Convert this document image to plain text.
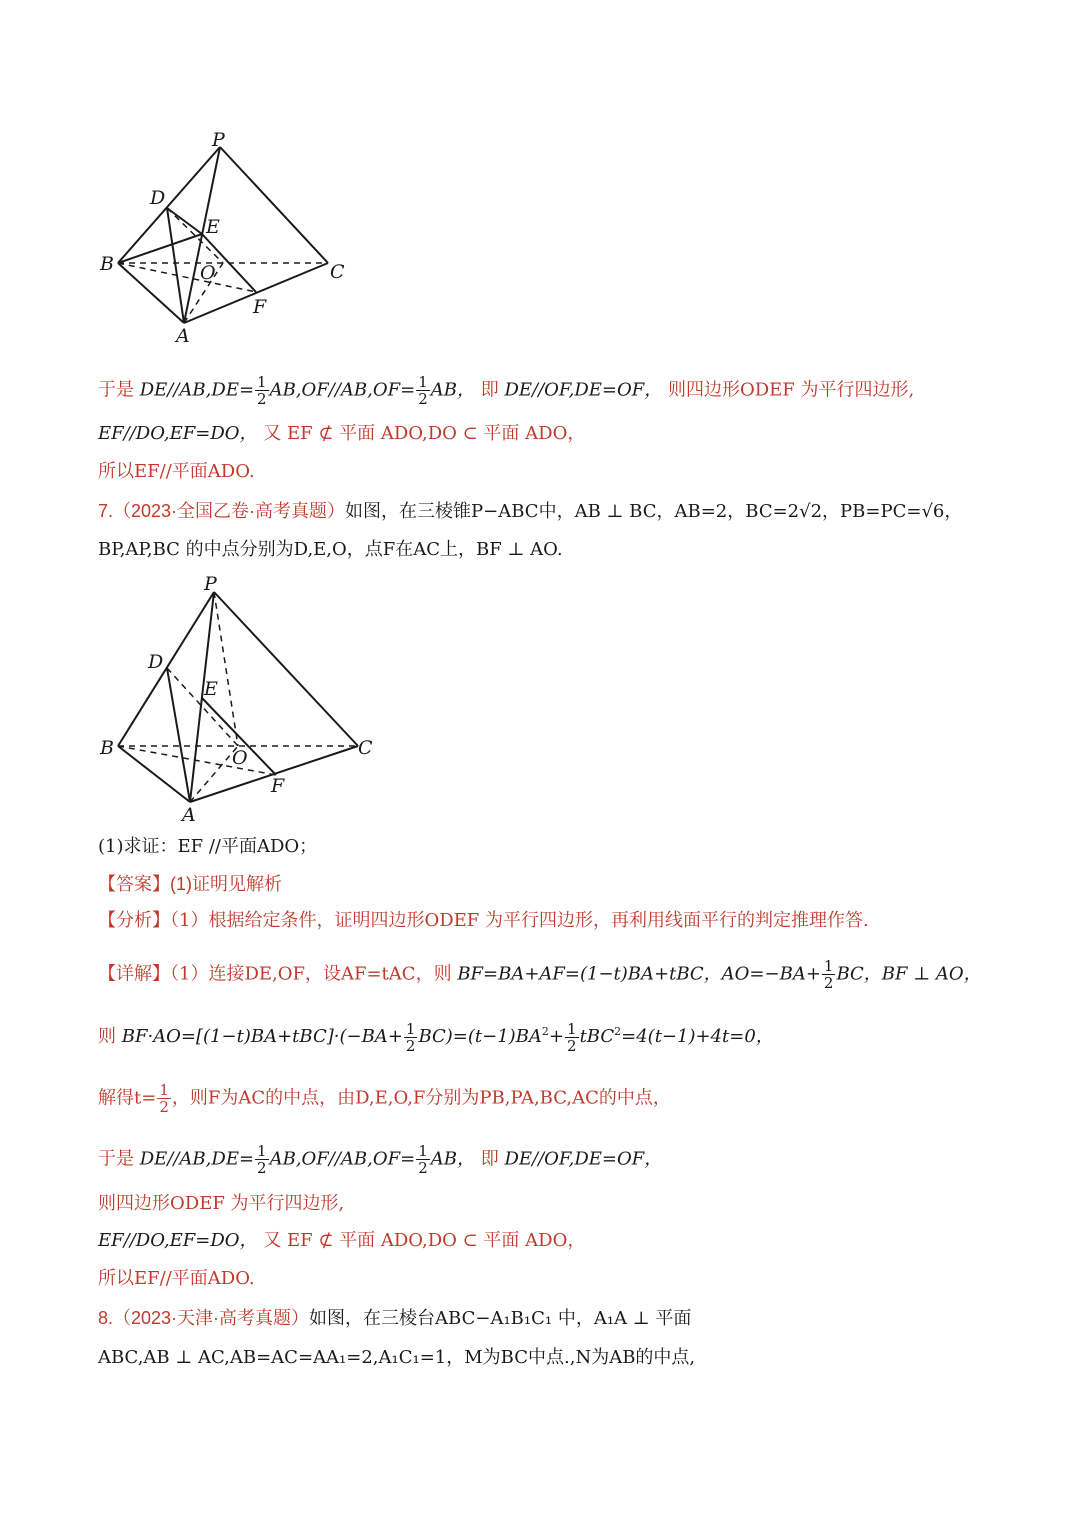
P
D
E
B	O	C
F
A
于是 $DE//AB,DE= \frac{1}{2} AB,OF//AB,OF= \frac{1}{2}$ AB， 即 DE//OF,DE=OF， 则四边形ODEF 为平行四边形,
EF//DO,EF=DO， 又 EF ⊄ 平面 ADO,DO ⊂ 平面 ADO，
所以EF//平面ADO.
7.（2023·全国乙卷·高考真题）如图，在三棱锥P−ABC中，AB ⊥ BC，AB=2，BC=2√2，PB=PC=√6，
BP,AP,BC 的中点分别为D,E,O，点F在AC上，BF ⊥ AO.
P
D
E
B	O	C
F
A
(1)求证：EF //平面ADO；
【答案】(1)证明见解析
【分析】（1）根据给定条件，证明四边形ODEF 为平行四边形，再利用线面平行的判定推理作答.
【详解】（1）连接DE,OF，设AF=tAC，则 BF=BA+AF=(1−t)BA+tBC，$AO=-BA+ \frac{1}{2}$ BC，BF ⊥ AO，
则 $BF\cdot AO=[(1-t)BA+tBC]\cdot(-BA+ \frac{1}{2} BC)=(t-1)BA^2+ \frac{1}{2} tBC^2=4(t-1)+4t=0$，
解得$t= \frac{1}{2}$ ，则F为AC的中点，由D,E,O,F分别为PB,PA,BC,AC的中点，
于是 $DE//AB,DE= \frac{1}{2} AB,OF//AB,OF= \frac{1}{2}$ AB， 即 DE//OF,DE=OF，
则四边形ODEF 为平行四边形,
EF//DO,EF=DO， 又 EF ⊄ 平面 ADO,DO ⊂ 平面 ADO，
所以EF//平面ADO.
8.（2023·天津·高考真题）如图，在三棱台ABC−A₁B₁C₁ 中，A₁A ⊥ 平面
ABC,AB ⊥ AC,AB=AC=AA₁=2,A₁C₁=1，M为BC中点.,N为AB的中点,
